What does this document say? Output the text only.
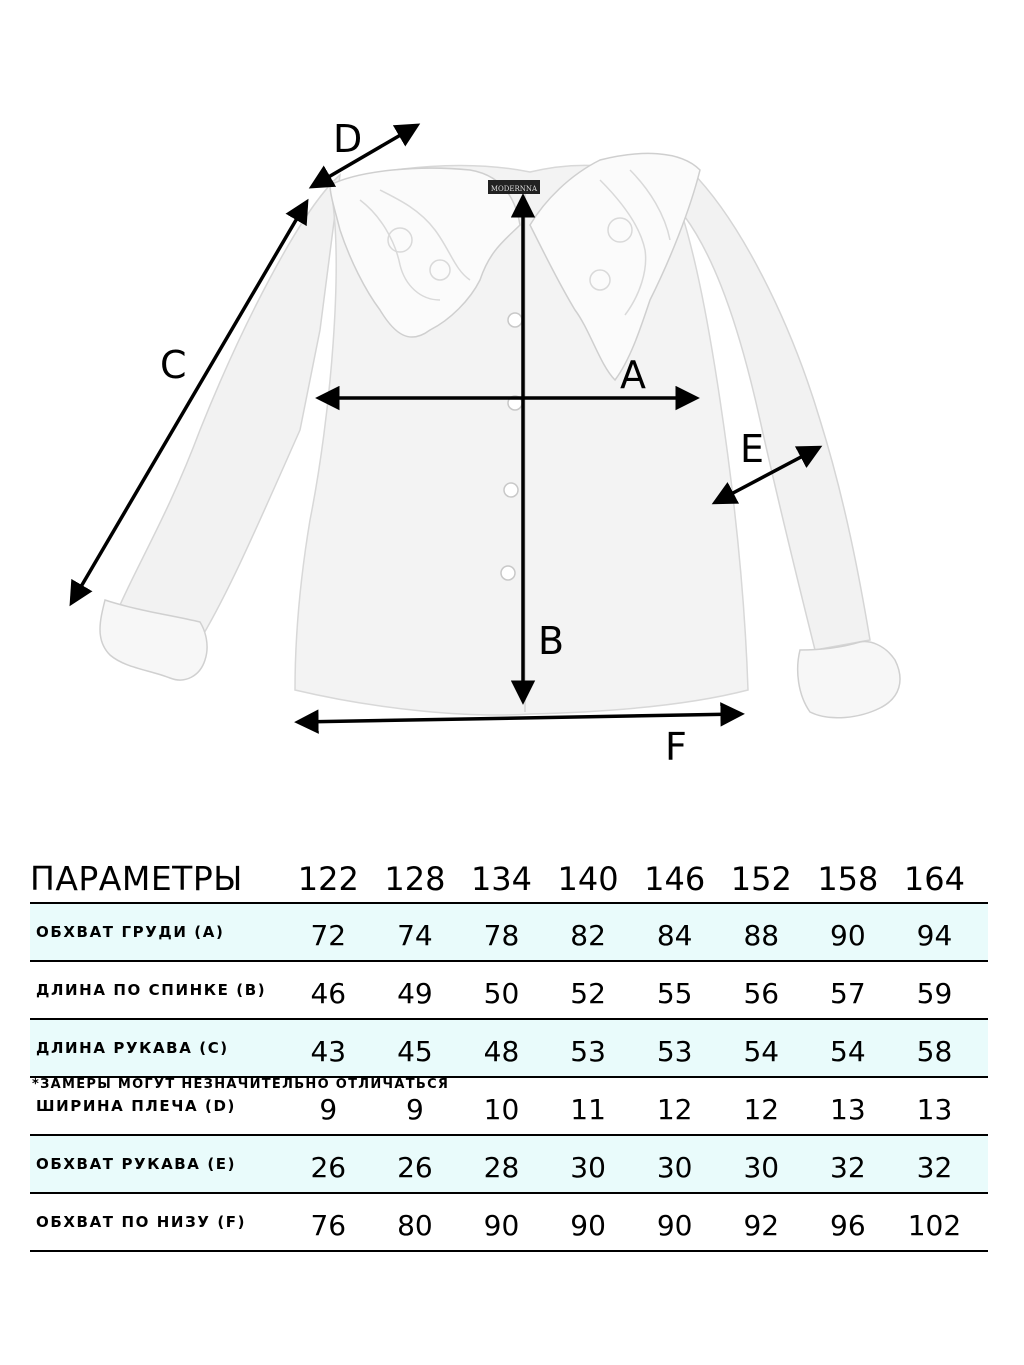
MODERNNA
A
B
C
D
E
F
ПАРАМЕТРЫ	122 128 134 140 146 152 158 164
ОБХВАТ ГРУДИ (A)	72	74	78	82	84	88	90	94
ДЛИНА ПО СПИНКЕ (B)	46	49	50	52	55	56	57	59
ДЛИНА РУКАВА (C)	43	45	48	53	53	54	54	58
ШИРИНА ПЛЕЧА (D)	9	9	10	11	12	12	13	13
ОБХВАТ РУКАВА (E)	26	26	28	30	30	30	32	32
ОБХВАТ ПО НИЗУ (F)	76	80	90	90	90	92	96	102
*ЗАМЕРЫ МОГУТ НЕЗНАЧИТЕЛЬНО ОТЛИЧАТЬСЯ
